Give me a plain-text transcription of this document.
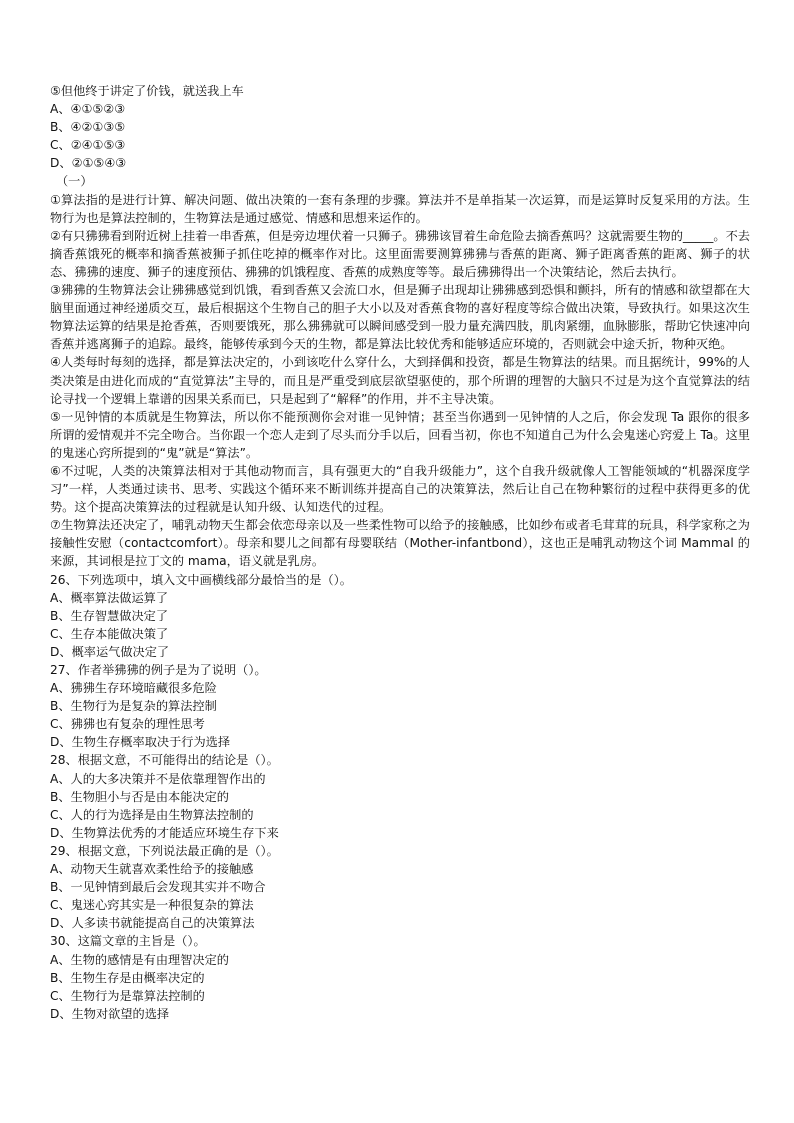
⑤但他终于讲定了价钱，就送我上车
A、④①⑤②③
B、④②①③⑤
C、②④①⑤③
D、②①⑤④③
（一）
①算法指的是进行计算、解决问题、做出决策的一套有条理的步骤。算法并不是单指某一次运算，而是运算时反复采用的方法。生物行为也是算法控制的，生物算法是通过感觉、情感和思想来运作的。
②有只狒狒看到附近树上挂着一串香蕉，但是旁边埋伏着一只狮子。狒狒该冒着生命危险去摘香蕉吗？这就需要生物的_____。不去摘香蕉饿死的概率和摘香蕉被狮子抓住吃掉的概率作对比。这里面需要测算狒狒与香蕉的距离、狮子距离香蕉的距离、狮子的状态、狒狒的速度、狮子的速度预估、狒狒的饥饿程度、香蕉的成熟度等等。最后狒狒得出一个决策结论，然后去执行。
③狒狒的生物算法会让狒狒感觉到饥饿，看到香蕉又会流口水，但是狮子出现却让狒狒感到恐惧和颤抖，所有的情感和欲望都在大脑里面通过神经递质交互，最后根据这个生物自己的胆子大小以及对香蕉食物的喜好程度等综合做出决策，导致执行。如果这次生物算法运算的结果是抢香蕉，否则要饿死，那么狒狒就可以瞬间感受到一股力量充满四肢，肌肉紧绷，血脉膨胀，帮助它快速冲向香蕉并逃离狮子的追踪。最终，能够传承到今天的生物，都是算法比较优秀和能够适应环境的，否则就会中途夭折，物种灭绝。
④人类每时每刻的选择，都是算法决定的，小到该吃什么穿什么，大到择偶和投资，都是生物算法的结果。而且据统计，99%的人类决策是由进化而成的“直觉算法”主导的，而且是严重受到底层欲望驱使的，那个所谓的理智的大脑只不过是为这个直觉算法的结论寻找一个逻辑上靠谱的因果关系而已，只是起到了“解释”的作用，并不主导决策。
⑤一见钟情的本质就是生物算法，所以你不能预测你会对谁一见钟情；甚至当你遇到一见钟情的人之后，你会发现 Ta 跟你的很多所谓的爱情观并不完全吻合。当你跟一个恋人走到了尽头而分手以后，回看当初，你也不知道自己为什么会鬼迷心窍爱上 Ta。这里的鬼迷心窍所提到的“鬼”就是“算法”。
⑥不过呢，人类的决策算法相对于其他动物而言，具有强更大的“自我升级能力”，这个自我升级就像人工智能领域的“机器深度学习”一样，人类通过读书、思考、实践这个循环来不断训练并提高自己的决策算法，然后让自己在物种繁衍的过程中获得更多的优势。这个提高决策算法的过程就是认知升级、认知迭代的过程。
⑦生物算法还决定了，哺乳动物天生都会依恋母亲以及一些柔性物可以给予的接触感，比如纱布或者毛茸茸的玩具，科学家称之为接触性安慰（contactcomfort）。母亲和婴儿之间都有母婴联结（Mother-infantbond），这也正是哺乳动物这个词 Mammal 的来源，其词根是拉丁文的 mama，语义就是乳房。
26、下列选项中，填入文中画横线部分最恰当的是（）。
A、概率算法做运算了
B、生存智慧做决定了
C、生存本能做决策了
D、概率运气做决定了
27、作者举狒狒的例子是为了说明（）。
A、狒狒生存环境暗藏很多危险
B、生物行为是复杂的算法控制
C、狒狒也有复杂的理性思考
D、生物生存概率取决于行为选择
28、根据文意，不可能得出的结论是（）。
A、人的大多决策并不是依靠理智作出的
B、生物胆小与否是由本能决定的
C、人的行为选择是由生物算法控制的
D、生物算法优秀的才能适应环境生存下来
29、根据文意，下列说法最正确的是（）。
A、动物天生就喜欢柔性给予的接触感
B、一见钟情到最后会发现其实并不吻合
C、鬼迷心窍其实是一种很复杂的算法
D、人多读书就能提高自己的决策算法
30、这篇文章的主旨是（）。
A、生物的感情是有由理智决定的
B、生物生存是由概率决定的
C、生物行为是靠算法控制的
D、生物对欲望的选择
